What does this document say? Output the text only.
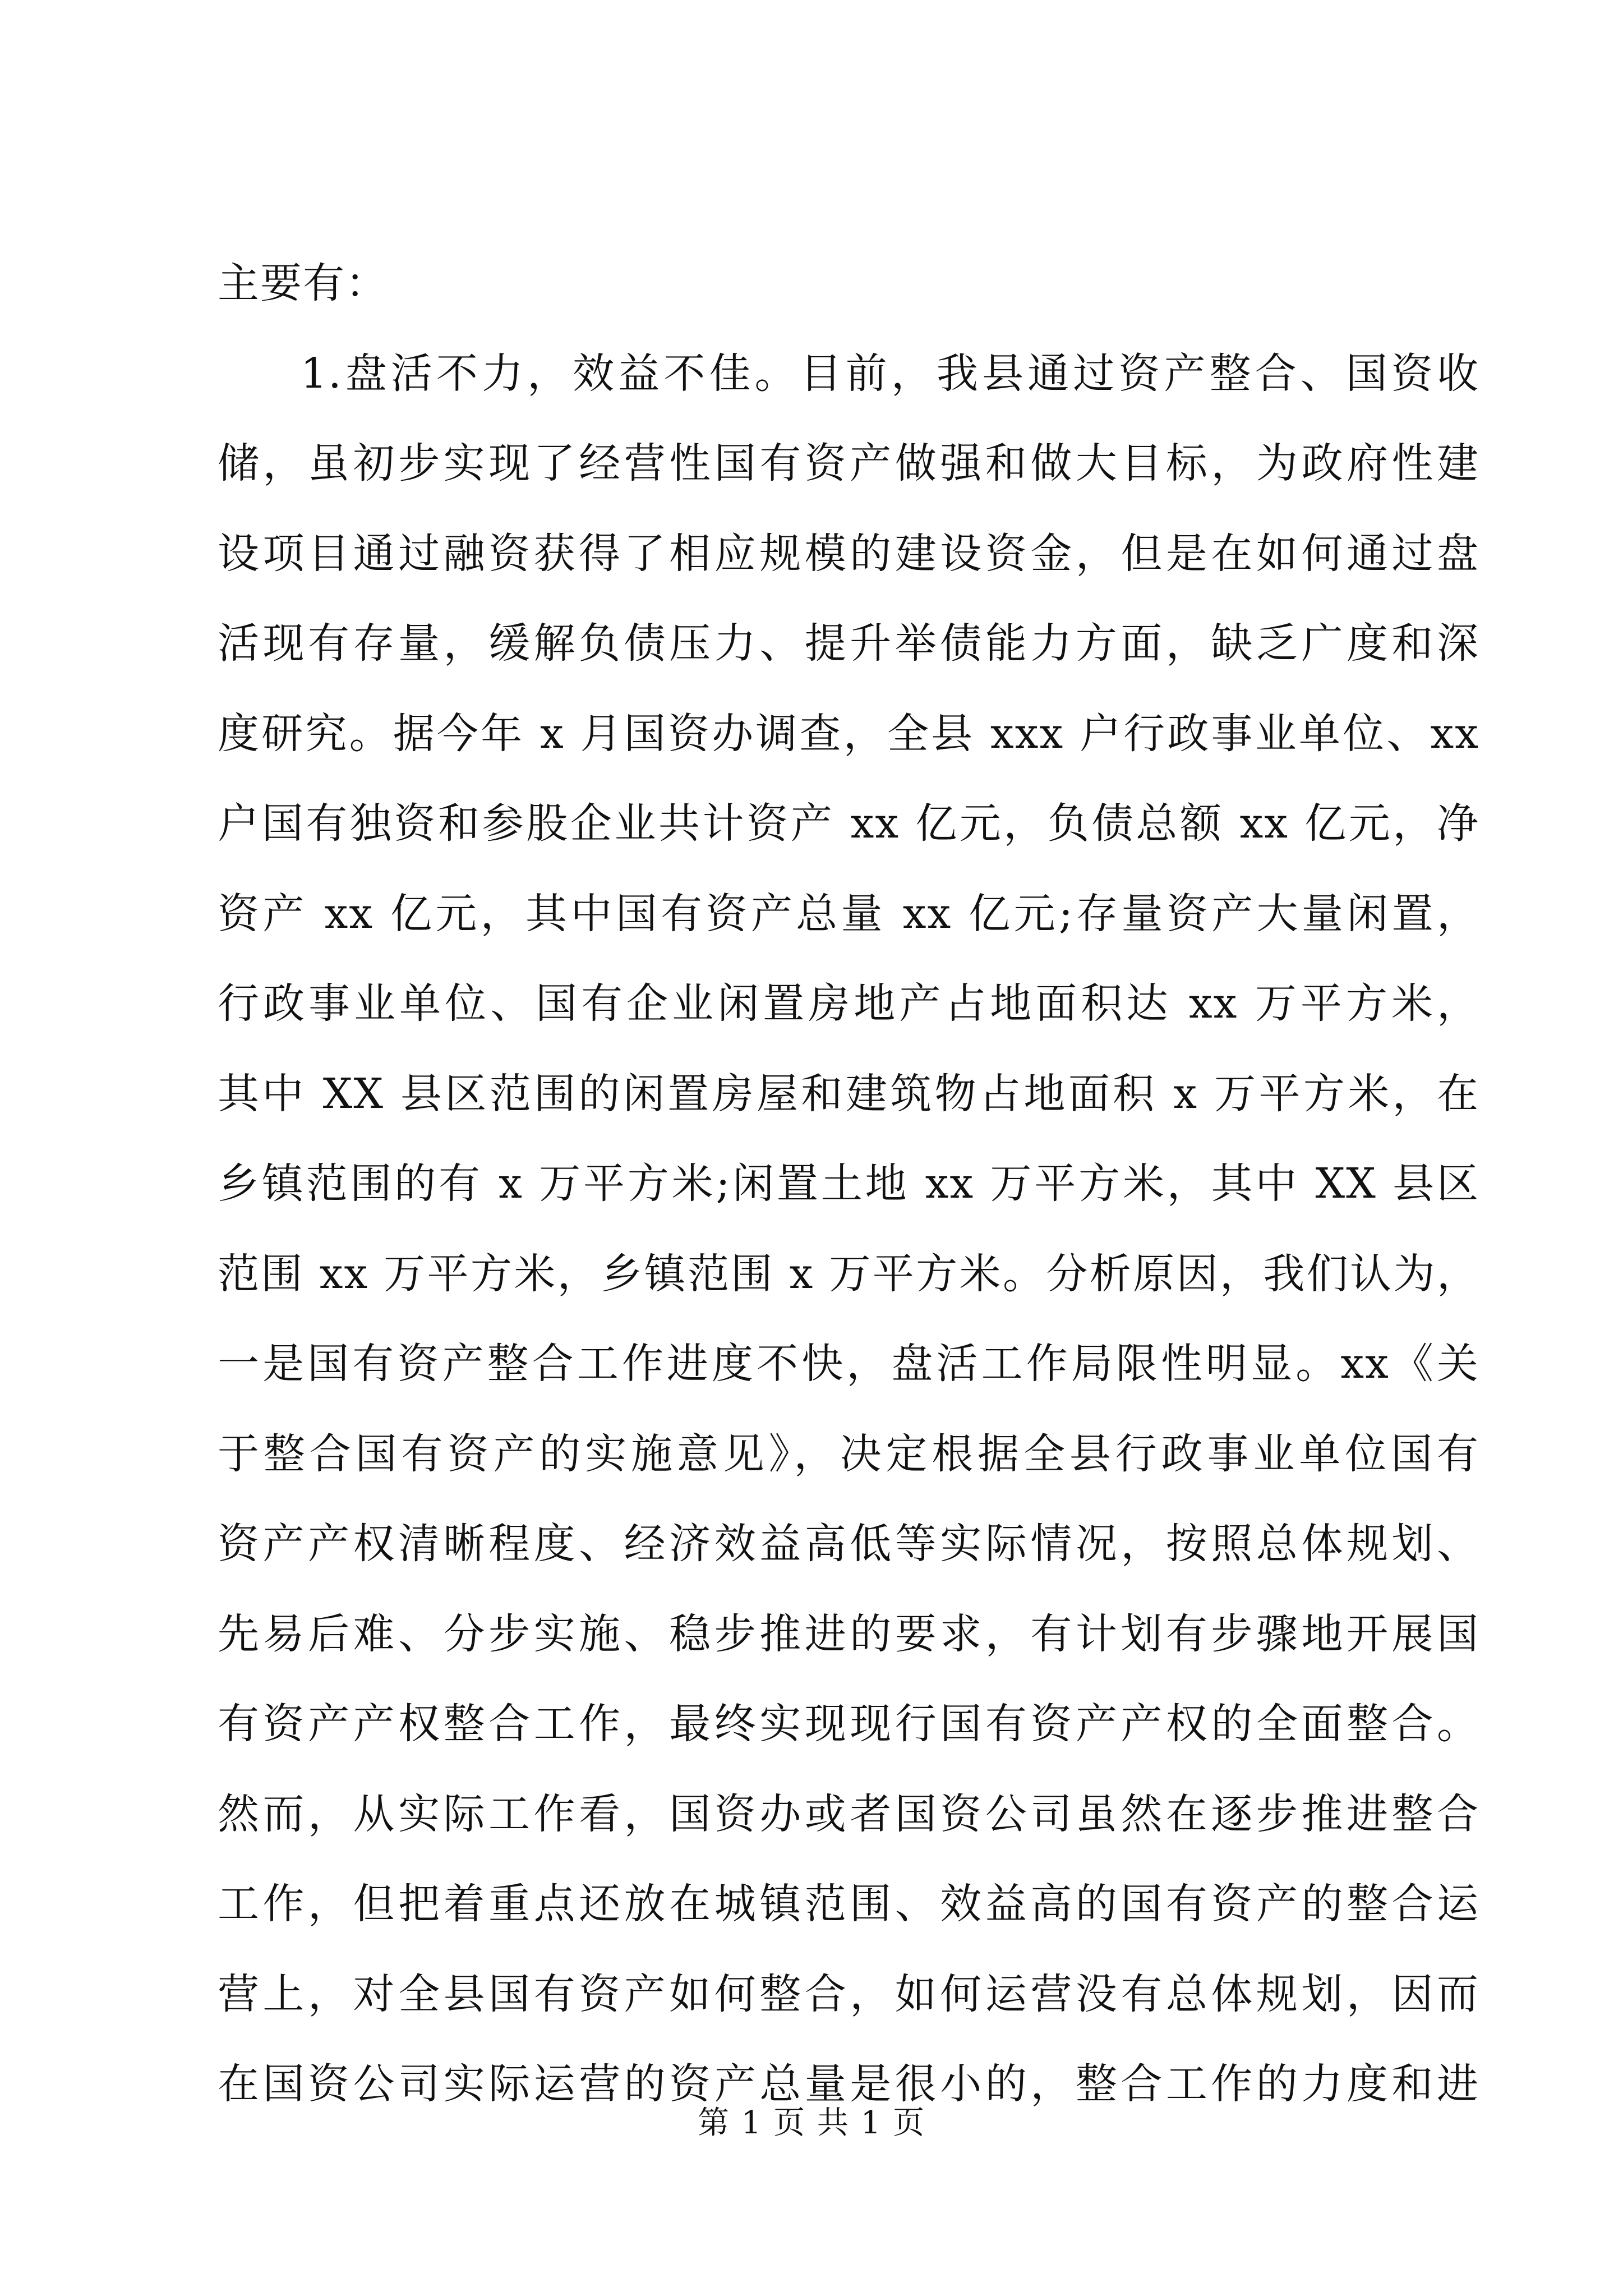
主要有：
1.盘活不力，效益不佳。目前，我县通过资产整合、国资收
储，虽初步实现了经营性国有资产做强和做大目标，为政府性建
设项目通过融资获得了相应规模的建设资金，但是在如何通过盘
活现有存量，缓解负债压力、提升举债能力方面，缺乏广度和深
度研究。据今年 x 月国资办调查，全县 xxx 户行政事业单位、xx
户国有独资和参股企业共计资产 xx 亿元，负债总额 xx 亿元，净
资产 xx 亿元，其中国有资产总量 xx 亿元;存量资产大量闲置，
行政事业单位、国有企业闲置房地产占地面积达 xx 万平方米，
其中 XX 县区范围的闲置房屋和建筑物占地面积 x 万平方米，在
乡镇范围的有 x 万平方米;闲置土地 xx 万平方米，其中 XX 县区
范围 xx 万平方米，乡镇范围 x 万平方米。分析原因，我们认为，
一是国有资产整合工作进度不快，盘活工作局限性明显。xx《关
于整合国有资产的实施意见》，决定根据全县行政事业单位国有
资产产权清晰程度、经济效益高低等实际情况，按照总体规划、
先易后难、分步实施、稳步推进的要求，有计划有步骤地开展国
有资产产权整合工作，最终实现现行国有资产产权的全面整合。
然而，从实际工作看，国资办或者国资公司虽然在逐步推进整合
工作，但把着重点还放在城镇范围、效益高的国有资产的整合运
营上，对全县国有资产如何整合，如何运营没有总体规划，因而
在国资公司实际运营的资产总量是很小的，整合工作的力度和进
第 1 页 共 1 页
